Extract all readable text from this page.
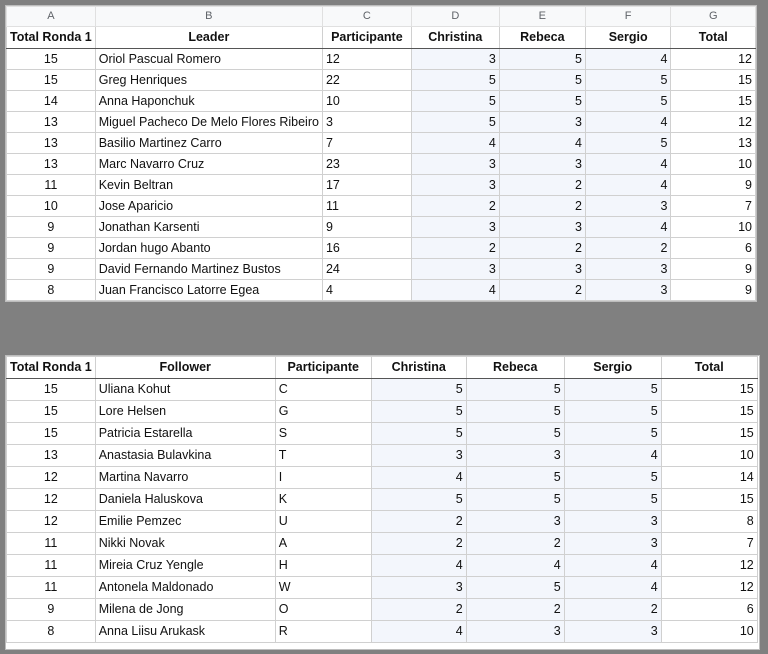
A	B	C	D	E	F	G
Total Ronda 1	Leader	Participante	Christina	Rebeca	Sergio	Total
15	Oriol Pascual Romero	12	3	5	4	12
15	Greg Henriques	22	5	5	5	15
14	Anna Haponchuk	10	5	5	5	15
13	Miguel Pacheco De Melo Flores Ribeiro	3	5	3	4	12
13	Basilio Martinez Carro	7	4	4	5	13
13	Marc Navarro Cruz	23	3	3	4	10
11	Kevin Beltran	17	3	2	4	9
10	Jose Aparicio	11	2	2	3	7
9	Jonathan Karsenti	9	3	3	4	10
9	Jordan hugo Abanto	16	2	2	2	6
9	David Fernando Martinez Bustos	24	3	3	3	9
8	Juan Francisco Latorre Egea	4	4	2	3	9
Total Ronda 1	Follower	Participante	Christina	Rebeca	Sergio	Total
15	Uliana Kohut	C	5	5	5	15
15	Lore Helsen	G	5	5	5	15
15	Patricia Estarella	S	5	5	5	15
13	Anastasia Bulavkina	T	3	3	4	10
12	Martina Navarro	I	4	5	5	14
12	Daniela Haluskova	K	5	5	5	15
12	Emilie Pemzec	U	2	3	3	8
11	Nikki Novak	A	2	2	3	7
11	Mireia Cruz Yengle	H	4	4	4	12
11	Antonela Maldonado	W	3	5	4	12
9	Milena de Jong	O	2	2	2	6
8	Anna Liisu Arukask	R	4	3	3	10
